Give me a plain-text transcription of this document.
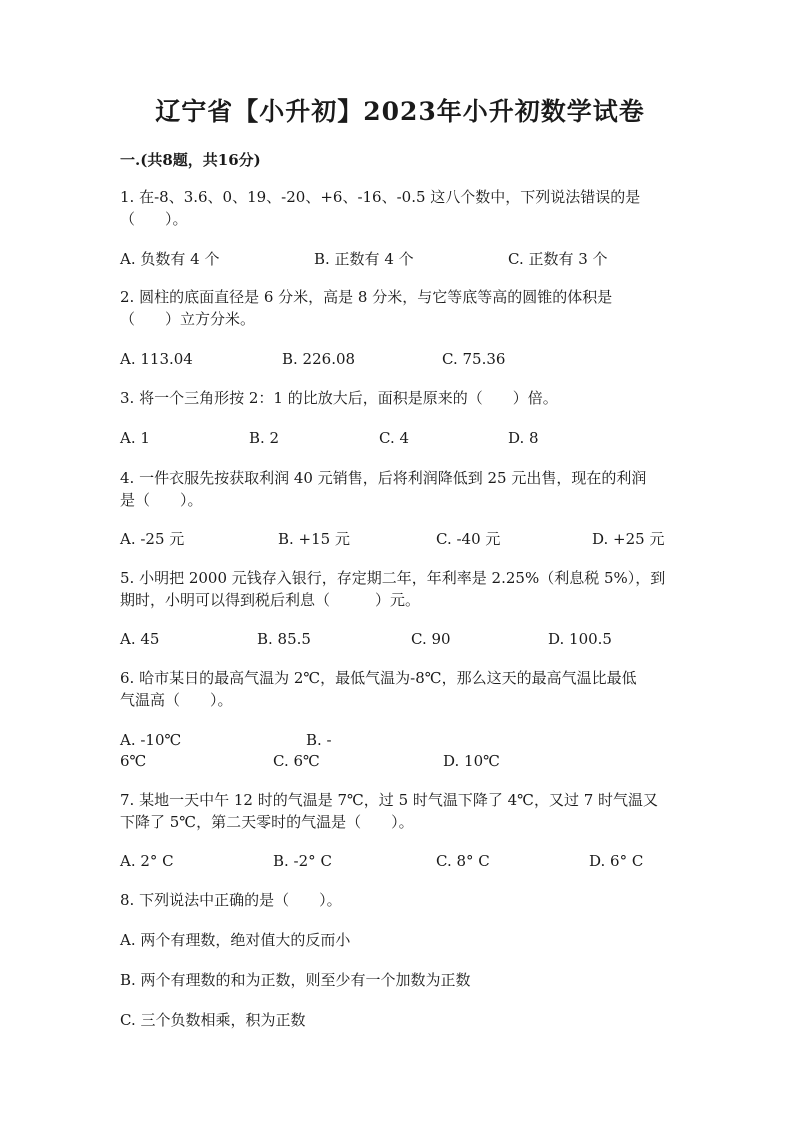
辽宁省【小升初】2023年小升初数学试卷
一.(共8题，共16分)
1. 在-8、3.6、0、19、-20、+6、-16、-0.5 这八个数中，下列说法错误的是
（　　）。
A. 负数有 4 个	B. 正数有 4 个	C. 正数有 3 个
2. 圆柱的底面直径是 6 分米，高是 8 分米，与它等底等高的圆锥的体积是
（　　）立方分米。
A. 113.04	B. 226.08	C. 75.36
3. 将一个三角形按 2：1 的比放大后，面积是原来的（　　）倍。
A. 1	B. 2	C. 4	D. 8
4. 一件衣服先按获取利润 40 元销售，后将利润降低到 25 元出售，现在的利润
是（　　）。
A. -25 元	B. +15 元	C. -40 元	D. +25 元
5. 小明把 2000 元钱存入银行，存定期二年，年利率是 2.25%（利息税 5%），到
期时，小明可以得到税后利息（　　　）元。
A. 45	B. 85.5	C. 90	D. 100.5
6. 哈市某日的最高气温为 2℃，最低气温为-8℃，那么这天的最高气温比最低
气温高（　　）。
A. -10℃	B. -
6℃	C. 6℃	D. 10℃
7. 某地一天中午 12 时的气温是 7℃，过 5 时气温下降了 4℃，又过 7 时气温又
下降了 5℃，第二天零时的气温是（　　）。
A. 2° C	B. -2° C	C. 8° C	D. 6° C
8. 下列说法中正确的是（　　）。
A. 两个有理数，绝对值大的反而小
B. 两个有理数的和为正数，则至少有一个加数为正数
C. 三个负数相乘，积为正数
